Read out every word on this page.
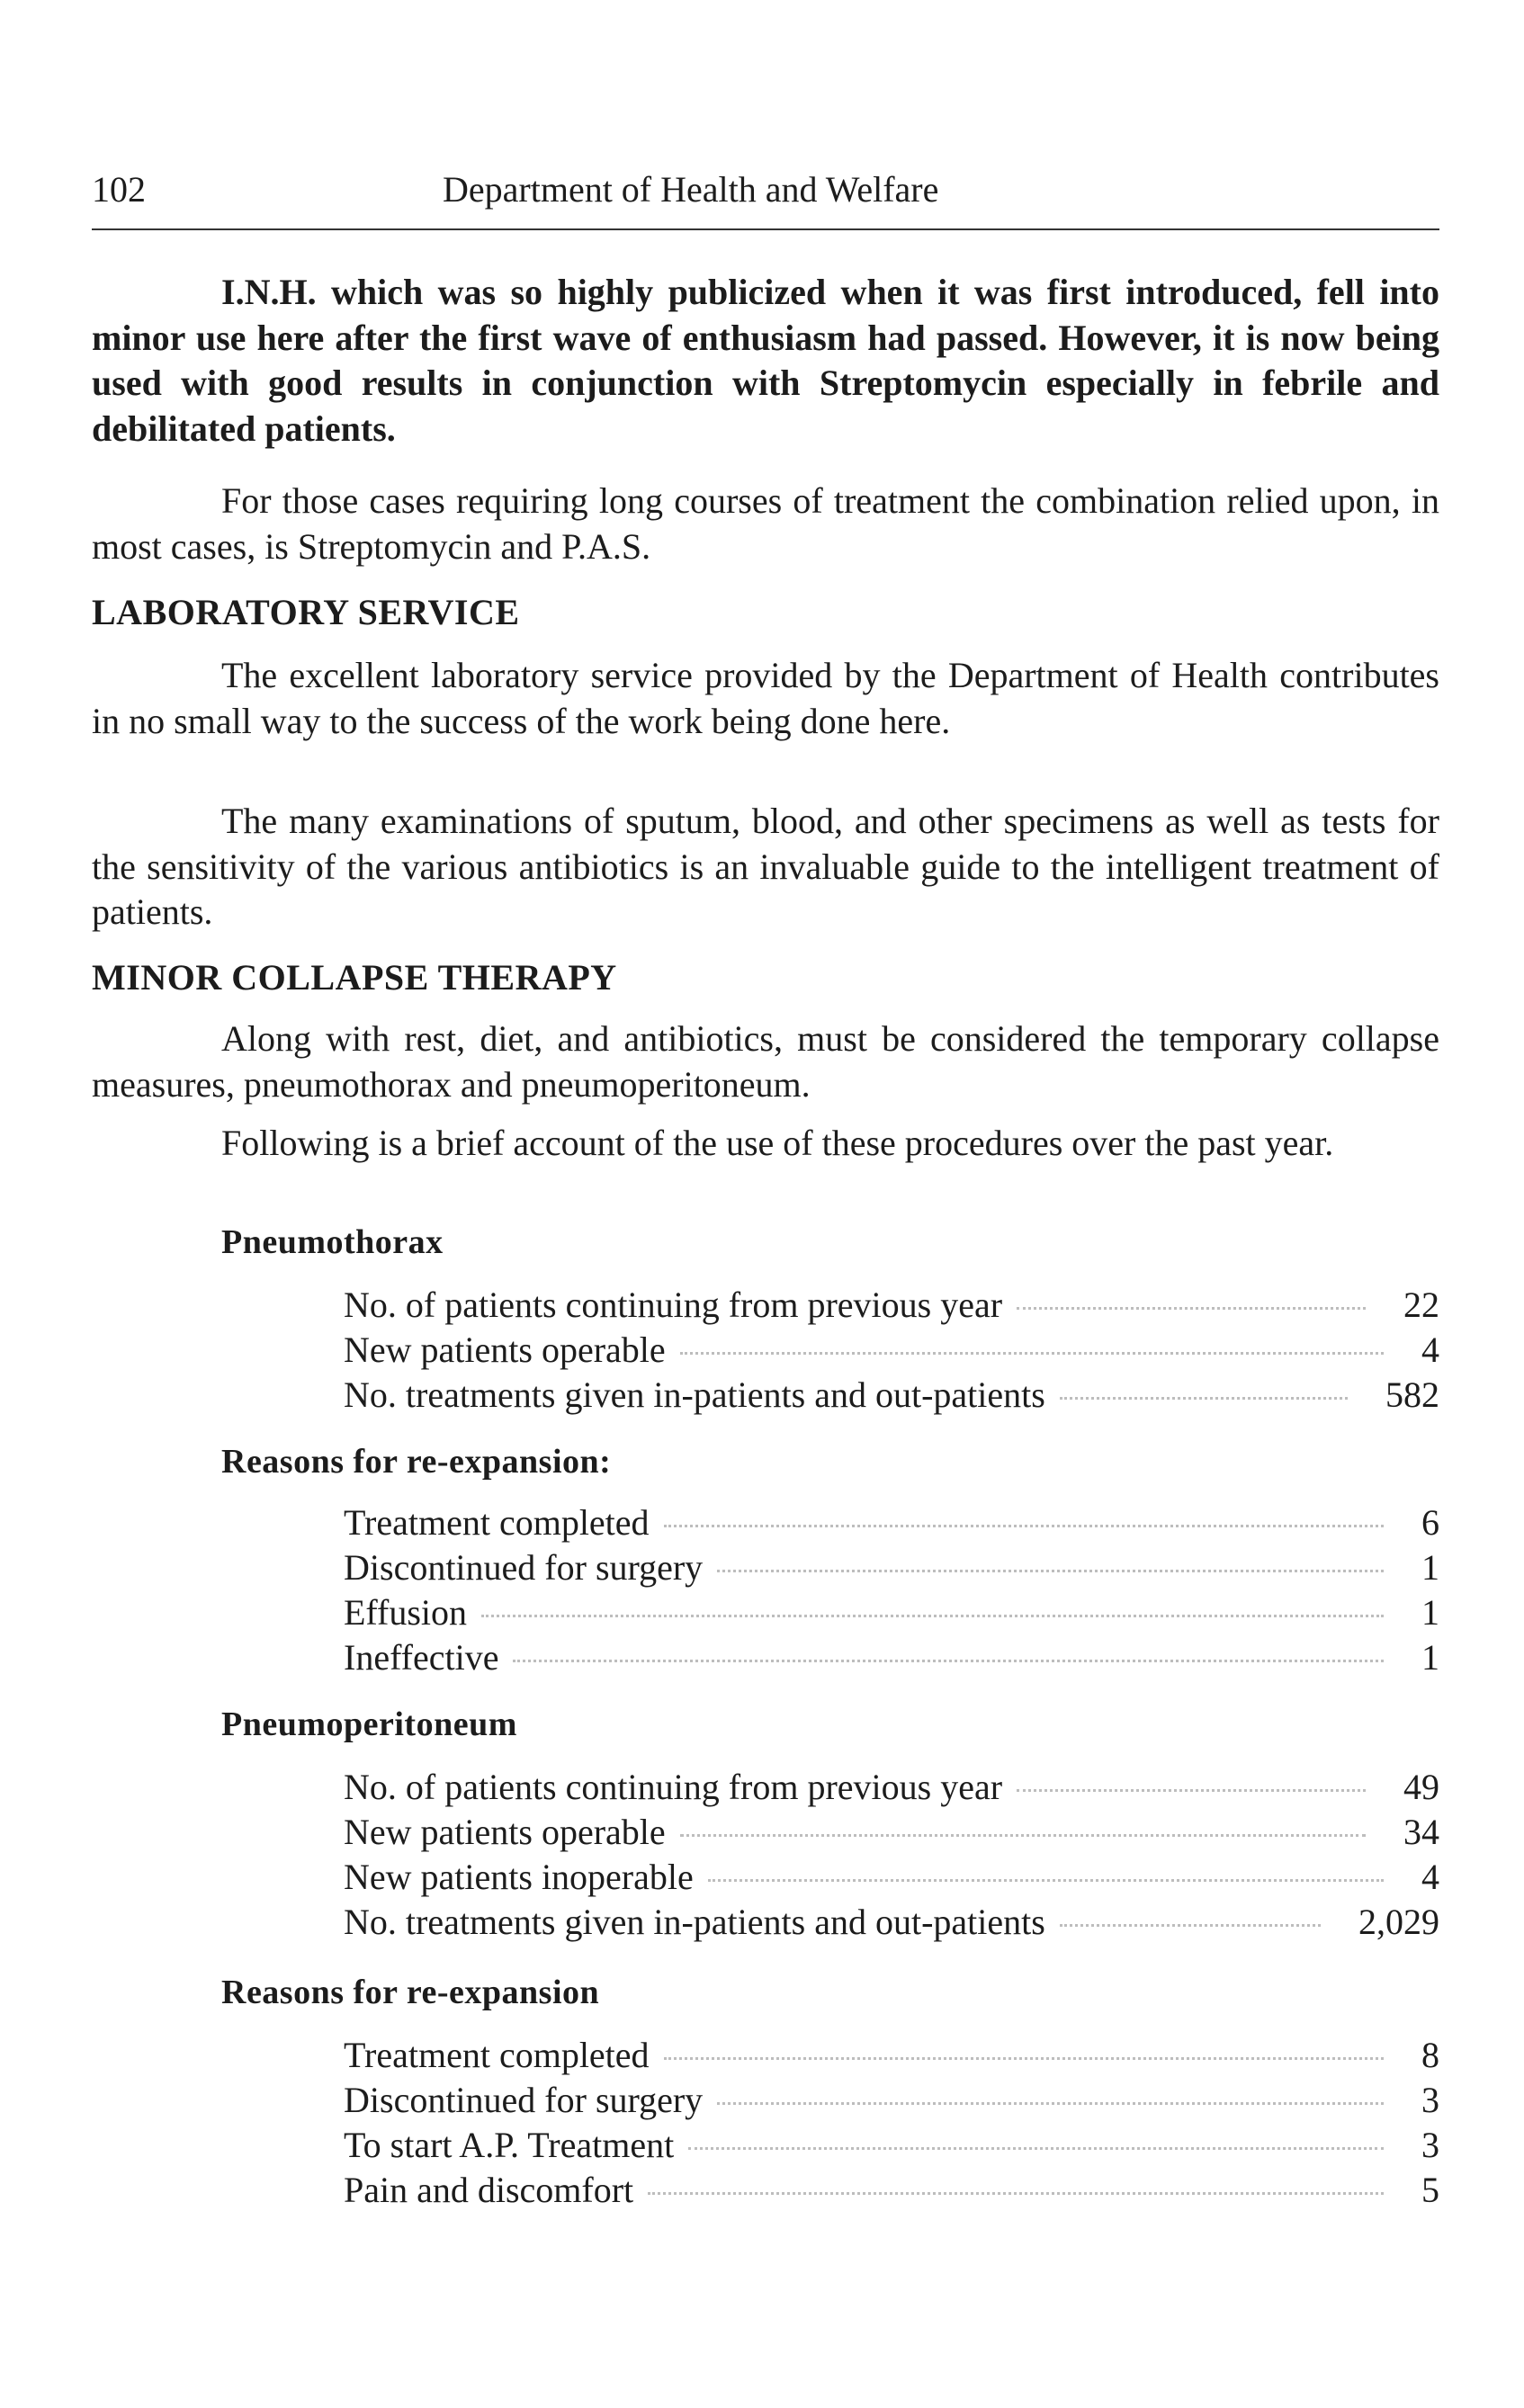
102	Department of Health and Welfare

I.N.H. which was so highly publicized when it was first introduced, fell into minor use here after the first wave of enthusiasm had passed. However, it is now being used with good results in conjunction with Streptomycin especially in febrile and debilitated patients.

For those cases requiring long courses of treatment the combination relied upon, in most cases, is Streptomycin and P.A.S.

LABORATORY SERVICE

The excellent laboratory service provided by the Department of Health contributes in no small way to the success of the work being done here.

The many examinations of sputum, blood, and other specimens as well as tests for the sensitivity of the various antibiotics is an invaluable guide to the intelligent treatment of patients.

MINOR COLLAPSE THERAPY

Along with rest, diet, and antibiotics, must be considered the temporary collapse measures, pneumothorax and pneumoperitoneum.

Following is a brief account of the use of these procedures over the past year.

Pneumothorax
No. of patients continuing from previous year	22
New patients operable	4
No. treatments given in-patients and out-patients	582
Reasons for re-expansion:
Treatment completed	6
Discontinued for surgery	1
Effusion	1
Ineffective	1
Pneumoperitoneum
No. of patients continuing from previous year	49
New patients operable	34
New patients inoperable	4
No. treatments given in-patients and out-patients	2,029
Reasons for re-expansion
Treatment completed	8
Discontinued for surgery	3
To start A.P. Treatment	3
Pain and discomfort	5
